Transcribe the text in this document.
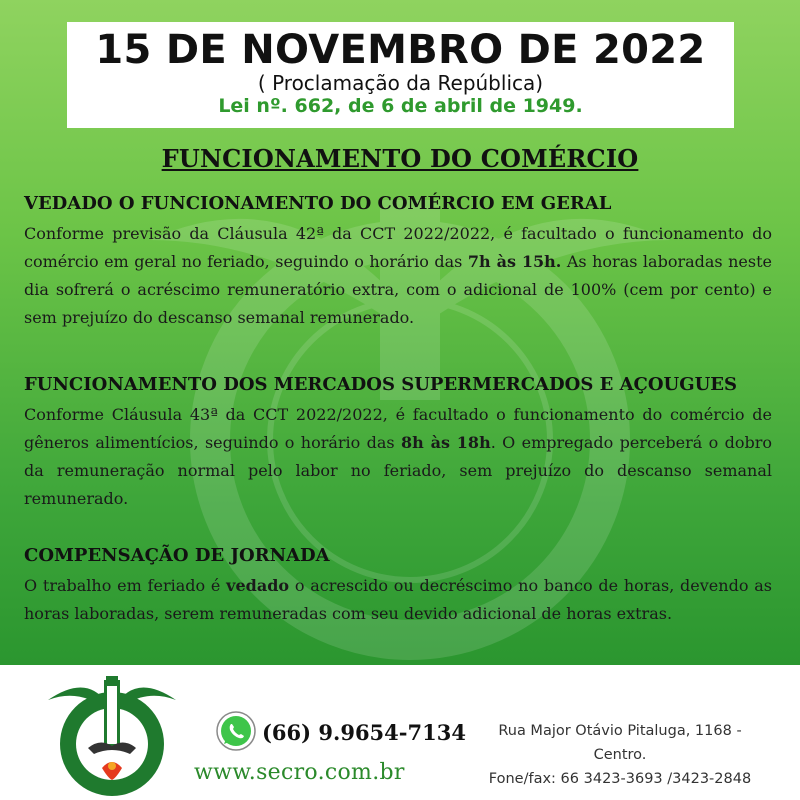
15 DE NOVEMBRO DE 2022
( Proclamação da República)
Lei nº. 662, de 6 de abril de 1949.
FUNCIONAMENTO DO COMÉRCIO
VEDADO O FUNCIONAMENTO DO COMÉRCIO EM GERAL

Conforme previsão da Cláusula 42ª da CCT 2022/2022, é facultado o funcionamento do comércio em geral no feriado, seguindo o horário das 7h às 15h. As horas laboradas neste dia sofrerá o acréscimo remuneratório extra, com o adicional de 100% (cem por cento) e sem prejuízo do descanso semanal remunerado.

FUNCIONAMENTO DOS MERCADOS SUPERMERCADOS E AÇOUGUES

Conforme Cláusula 43ª da CCT 2022/2022, é facultado o funcionamento do comércio de gêneros alimentícios, seguindo o horário das 8h às 18h. O empregado perceberá o dobro da remuneração normal pelo labor no feriado, sem prejuízo do descanso semanal remunerado.

COMPENSAÇÃO DE JORNADA

O trabalho em feriado é vedado o acrescido ou decréscimo no banco de horas, devendo as horas laboradas, serem remuneradas com seu devido adicional de horas extras.

(66) 9.9654-7134
www.secro.com.br
Rua Major Otávio Pitaluga, 1168 -
Centro.
Fone/fax: 66 3423-3693 /3423-2848
